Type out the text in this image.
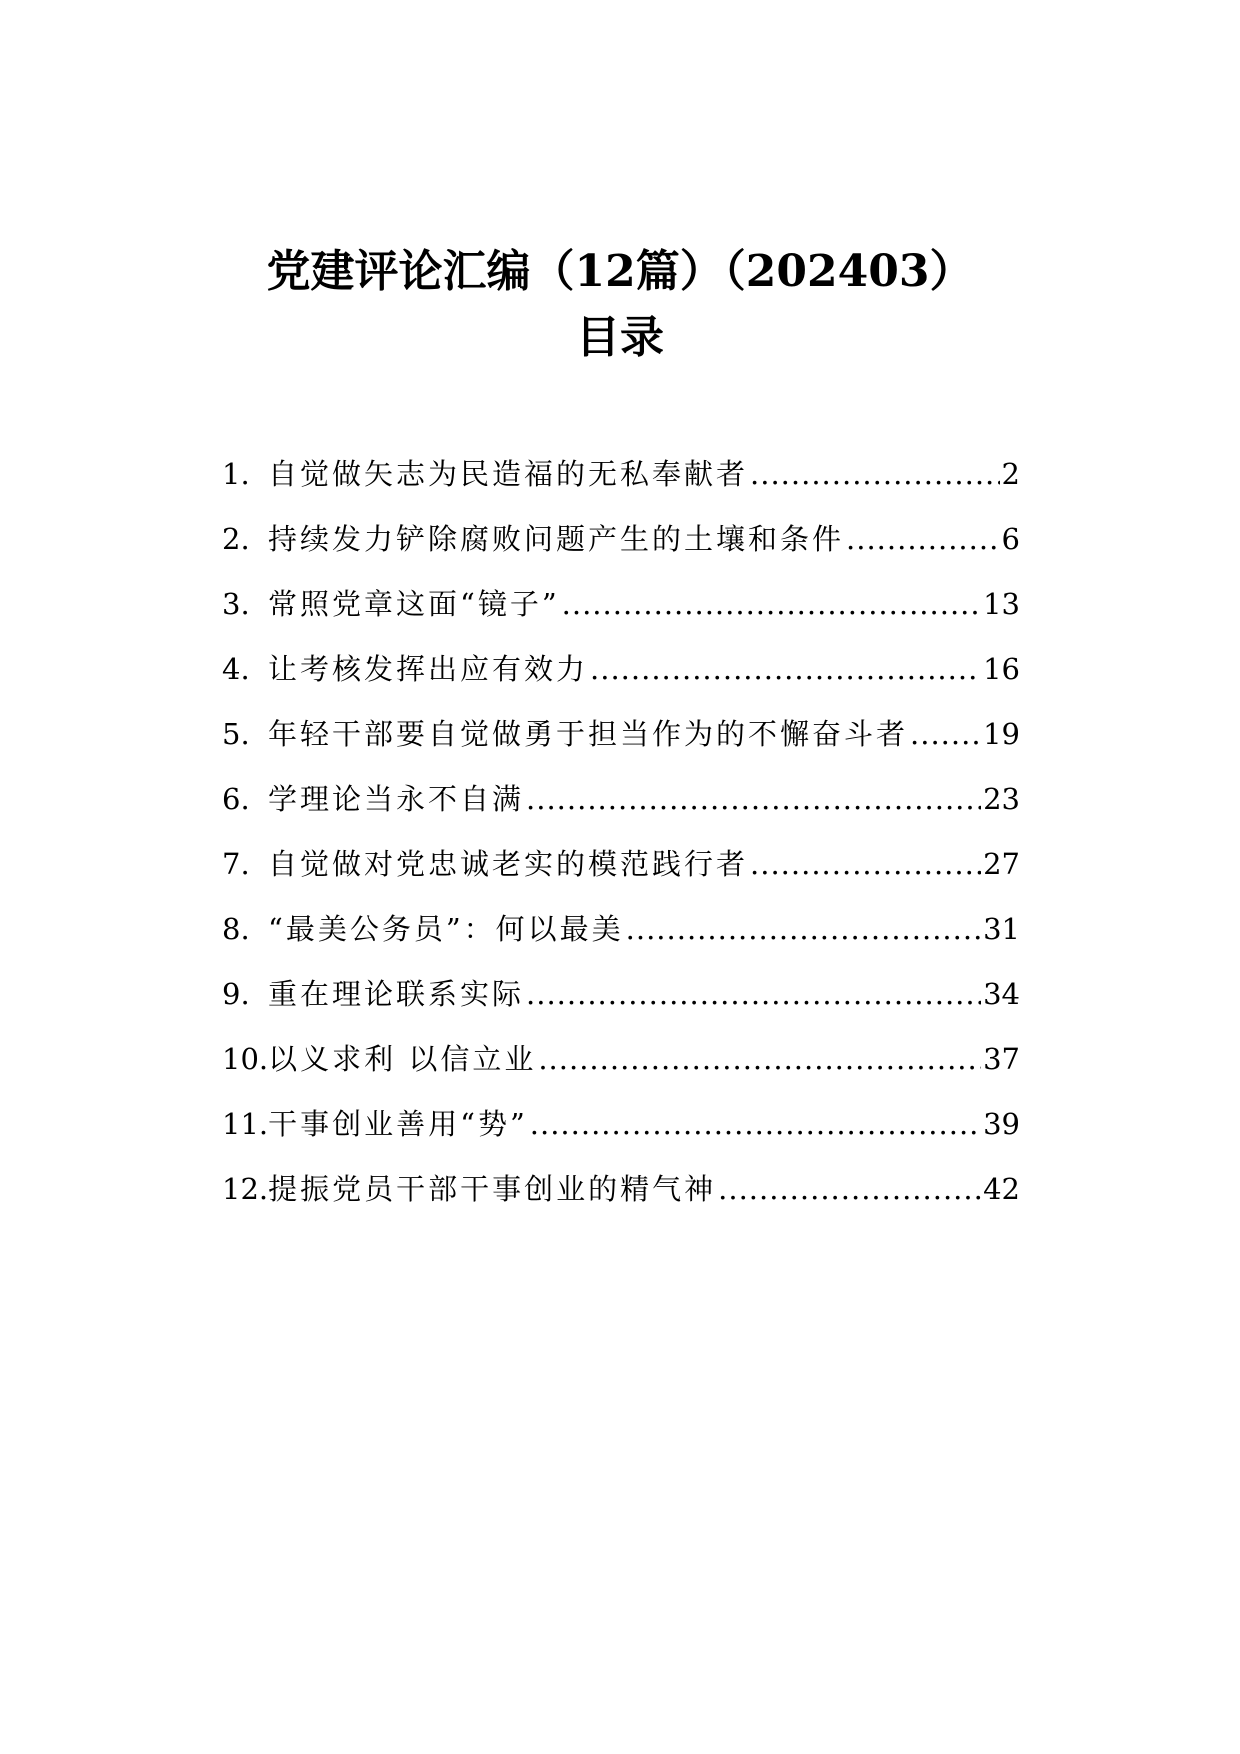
党建评论汇编（12篇）（202403）
目录
1. 自觉做矢志为民造福的无私奉献者 .....	2
2. 持续发力铲除腐败问题产生的土壤和条件 .....	6
3. 常照党章这面“镜子” .....	13
4. 让考核发挥出应有效力 .....	16
5. 年轻干部要自觉做勇于担当作为的不懈奋斗者 .....	19
6. 学理论当永不自满 .....	23
7. 自觉做对党忠诚老实的模范践行者 .....	27
8. “最美公务员”：何以最美 .....	31
9. 重在理论联系实际 .....	34
10. 以义求利 以信立业 .....	37
11. 干事创业善用“势” .....	39
12. 提振党员干部干事创业的精气神 .....	42
